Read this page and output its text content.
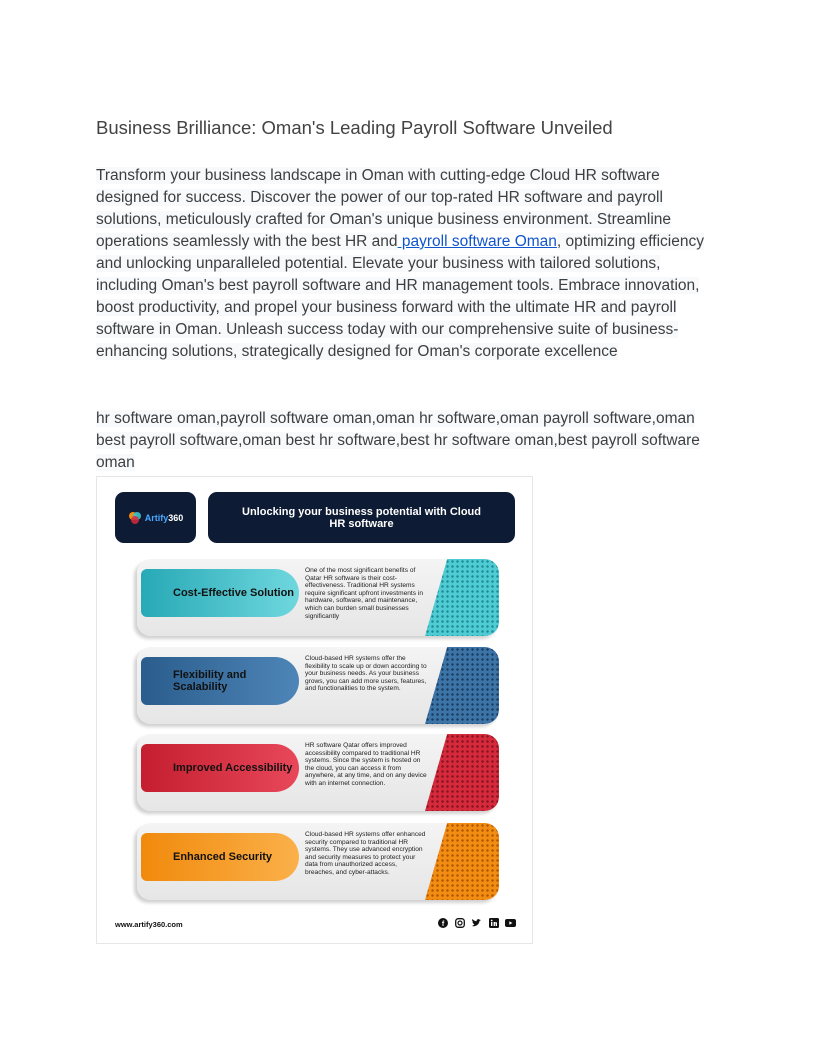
Business Brilliance: Oman's Leading Payroll Software Unveiled
Transform your business landscape in Oman with cutting-edge Cloud HR software designed for success. Discover the power of our top-rated HR software and payroll solutions, meticulously crafted for Oman's unique business environment. Streamline operations seamlessly with the best HR and payroll software Oman, optimizing efficiency and unlocking unparalleled potential. Elevate your business with tailored solutions, including Oman's best payroll software and HR management tools. Embrace innovation, boost productivity, and propel your business forward with the ultimate HR and payroll software in Oman. Unleash success today with our comprehensive suite of business-enhancing solutions, strategically designed for Oman's corporate excellence
hr software oman,payroll software oman,oman hr software,oman payroll software,oman best payroll software,oman best hr software,best hr software oman,best payroll software oman
Artify360	Unlocking your business potential with Cloud HR software
Cost-Effective Solution
One of the most significant benefits of Qatar HR software is their cost-effectiveness. Traditional HR systems require significant upfront investments in hardware, software, and maintenance, which can burden small businesses significantly
Flexibility and Scalability
Cloud-based HR systems offer the flexibility to scale up or down according to your business needs. As your business grows, you can add more users, features, and functionalities to the system.
Improved Accessibility
HR software Qatar offers improved accessibility compared to traditional HR systems. Since the system is hosted on the cloud, you can access it from anywhere, at any time, and on any device with an internet connection.
Enhanced Security
Cloud-based HR systems offer enhanced security compared to traditional HR systems. They use advanced encryption and security measures to protect your data from unauthorized access, breaches, and cyber-attacks.
www.artify360.com	f
